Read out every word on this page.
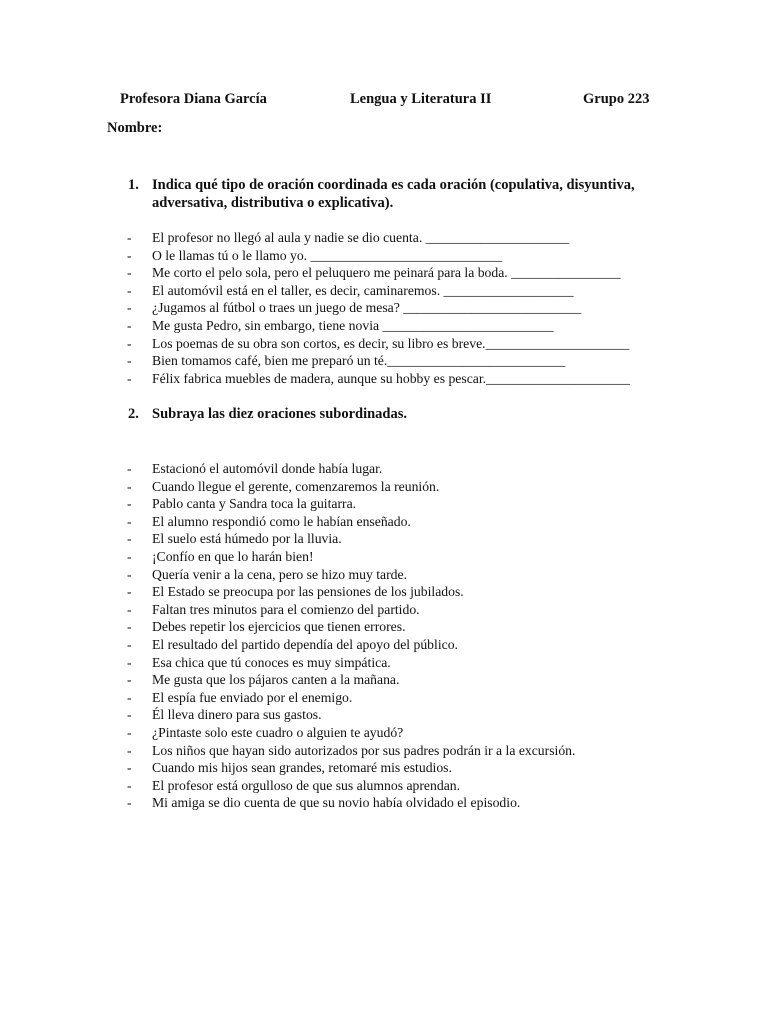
Profesora Diana García	Lengua y Literatura II	Grupo 223
Nombre:
1. Indica qué tipo de oración coordinada es cada oración (copulativa, disyuntiva, adversativa, distributiva o explicativa).
- El profesor no llegó al aula y nadie se dio cuenta. _____________________
- O le llamas tú o le llamo yo. ____________________________
- Me corto el pelo sola, pero el peluquero me peinará para la boda. ________________
- El automóvil está en el taller, es decir, caminaremos. ___________________
- ¿Jugamos al fútbol o traes un juego de mesa? __________________________
- Me gusta Pedro, sin embargo, tiene novia _________________________
- Los poemas de su obra son cortos, es decir, su libro es breve._____________________
- Bien tomamos café, bien me preparó un té.__________________________
- Félix fabrica muebles de madera, aunque su hobby es pescar._____________________
2. Subraya las diez oraciones subordinadas.
- Estacionó el automóvil donde había lugar.
- Cuando llegue el gerente, comenzaremos la reunión.
- Pablo canta y Sandra toca la guitarra.
- El alumno respondió como le habían enseñado.
- El suelo está húmedo por la lluvia.
- ¡Confío en que lo harán bien!
- Quería venir a la cena, pero se hizo muy tarde.
- El Estado se preocupa por las pensiones de los jubilados.
- Faltan tres minutos para el comienzo del partido.
- Debes repetir los ejercicios que tienen errores.
- El resultado del partido dependía del apoyo del público.
- Esa chica que tú conoces es muy simpática.
- Me gusta que los pájaros canten a la mañana.
- El espía fue enviado por el enemigo.
- Él lleva dinero para sus gastos.
- ¿Pintaste solo este cuadro o alguien te ayudó?
- Los niños que hayan sido autorizados por sus padres podrán ir a la excursión.
- Cuando mis hijos sean grandes, retomaré mis estudios.
- El profesor está orgulloso de que sus alumnos aprendan.
- Mi amiga se dio cuenta de que su novio había olvidado el episodio.
